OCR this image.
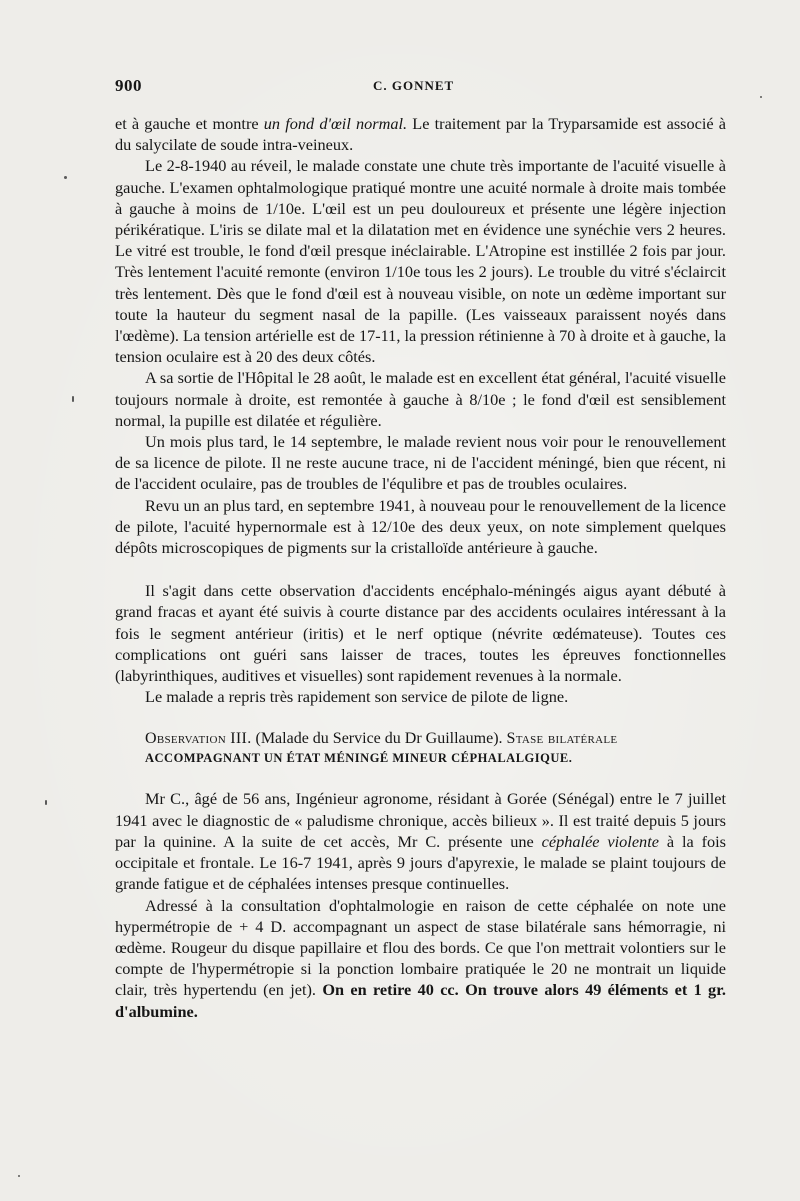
900	C. GONNET

et à gauche et montre un fond d'œil normal. Le traitement par la Tryparsamide est associé à du salycilate de soude intra-veineux.

Le 2-8-1940 au réveil, le malade constate une chute très importante de l'acuité visuelle à gauche. L'examen ophtalmologique pratiqué montre une acuité normale à droite mais tombée à gauche à moins de 1/10e. L'œil est un peu douloureux et présente une légère injection périkératique. L'iris se dilate mal et la dilatation met en évidence une synéchie vers 2 heures. Le vitré est trouble, le fond d'œil presque inéclairable. L'Atropine est instillée 2 fois par jour. Très lentement l'acuité remonte (environ 1/10e tous les 2 jours). Le trouble du vitré s'éclaircit très lentement. Dès que le fond d'œil est à nouveau visible, on note un œdème important sur toute la hauteur du segment nasal de la papille. (Les vaisseaux paraissent noyés dans l'œdème). La tension artérielle est de 17-11, la pression rétinienne à 70 à droite et à gauche, la tension oculaire est à 20 des deux côtés.

A sa sortie de l'Hôpital le 28 août, le malade est en excellent état général, l'acuité visuelle toujours normale à droite, est remontée à gauche à 8/10e ; le fond d'œil est sensiblement normal, la pupille est dilatée et régulière.

Un mois plus tard, le 14 septembre, le malade revient nous voir pour le renouvellement de sa licence de pilote. Il ne reste aucune trace, ni de l'accident méningé, bien que récent, ni de l'accident oculaire, pas de troubles de l'équlibre et pas de troubles oculaires.

Revu un an plus tard, en septembre 1941, à nouveau pour le renouvellement de la licence de pilote, l'acuité hypernormale est à 12/10e des deux yeux, on note simplement quelques dépôts microscopiques de pigments sur la cristalloïde antérieure à gauche.

Il s'agit dans cette observation d'accidents encéphalo-méningés aigus ayant débuté à grand fracas et ayant été suivis à courte distance par des accidents oculaires intéressant à la fois le segment antérieur (iritis) et le nerf optique (névrite œdémateuse). Toutes ces complications ont guéri sans laisser de traces, toutes les épreuves fonctionnelles (labyrinthiques, auditives et visuelles) sont rapidement revenues à la normale.

Le malade a repris très rapidement son service de pilote de ligne.

Observation III. (Malade du Service du Dr Guillaume). Stase bilatérale

ACCOMPAGNANT UN ÉTAT MÉNINGÉ MINEUR CÉPHALALGIQUE.

Mr C., âgé de 56 ans, Ingénieur agronome, résidant à Gorée (Sénégal) entre le 7 juillet 1941 avec le diagnostic de « paludisme chronique, accès bilieux ». Il est traité depuis 5 jours par la quinine. A la suite de cet accès, Mr C. présente une céphalée violente à la fois occipitale et frontale. Le 16-7 1941, après 9 jours d'apyrexie, le malade se plaint toujours de grande fatigue et de céphalées intenses presque continuelles.

Adressé à la consultation d'ophtalmologie en raison de cette céphalée on note une hypermétropie de + 4 D. accompagnant un aspect de stase bilatérale sans hémorragie, ni œdème. Rougeur du disque papillaire et flou des bords. Ce que l'on mettrait volontiers sur le compte de l'hypermétropie si la ponction lombaire pratiquée le 20 ne montrait un liquide clair, très hypertendu (en jet). On en retire 40 cc. On trouve alors 49 éléments et 1 gr. d'albumine.
